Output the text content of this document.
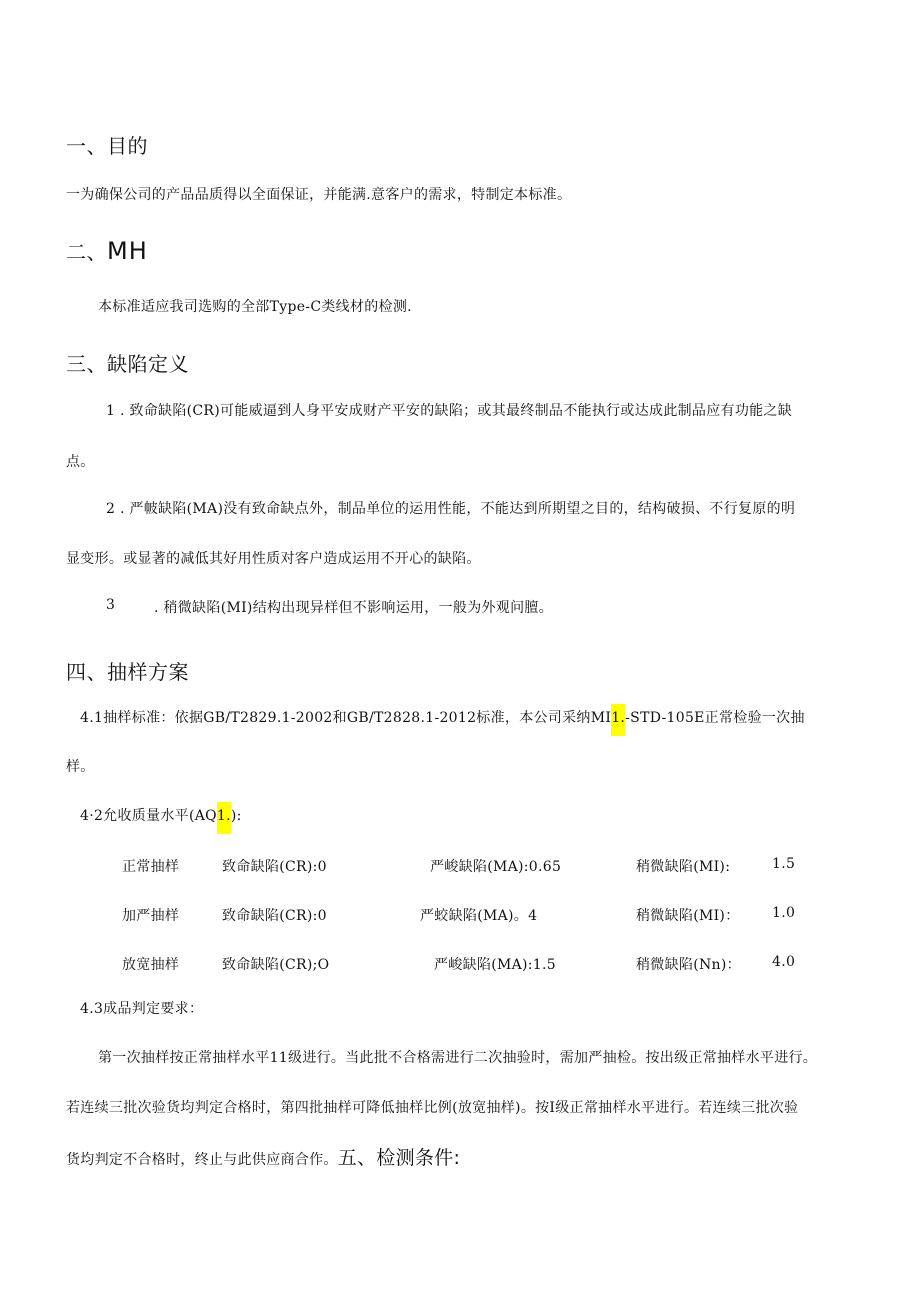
一、目的
一为确保公司的产品品质得以全面保证，并能满.意客户的需求，特制定本标准。
二、MH
本标准适应我司选购的全部Type-C类线材的检测.
三、缺陷定义
1 . 致命缺陷(CR)可能威逼到人身平安成财产平安的缺陷；或其最终制品不能执行或达成此制品应有功能之缺
点。
2 . 严帔缺陷(MA)没有致命缺点外，制品单位的运用性能，不能达到所期望之目的，结构破损、不行复原的明
显变形。或显著的减低其好用性质对客户造成运用不开心的缺陷。
3	. 稍微缺陷(MI)结构出现异样但不影响运用，一般为外观问膻。
四、抽样方案
4.1抽样标准：依据GB/T2829.1-2002和GB/T2828.1-2012标准，本公司采纳MI1.-STD-105E正常检验一次抽
样。
4·2允收质量水平(AQ1.):
正常抽样	致命缺陷(CR):0	严峻缺陷(MA):0.65	稍微缺陷(MI):	1.5
加严抽样	致命缺陷(CR):0	严蛟缺陷(MA)。4	稍微缺陷(MI)： 1.0
放宽抽样	致命缺陷(CR);O	严峻缺陷(MA):1.5	稍微缺陷(Nn)： 4.0
4.3成品判定要求：
第一次抽样按正常抽样水平11级进行。当此批不合格需进行二次抽验时，需加严抽检。按出级正常抽样水平进行。
若连续三批次验货均判定合格时，第四批抽样可降低抽样比例(放宽抽样)。按I级正常抽样水平进行。若连续三批次验
货均判定不合格时，终止与此供应商合作。五、检测条件:
